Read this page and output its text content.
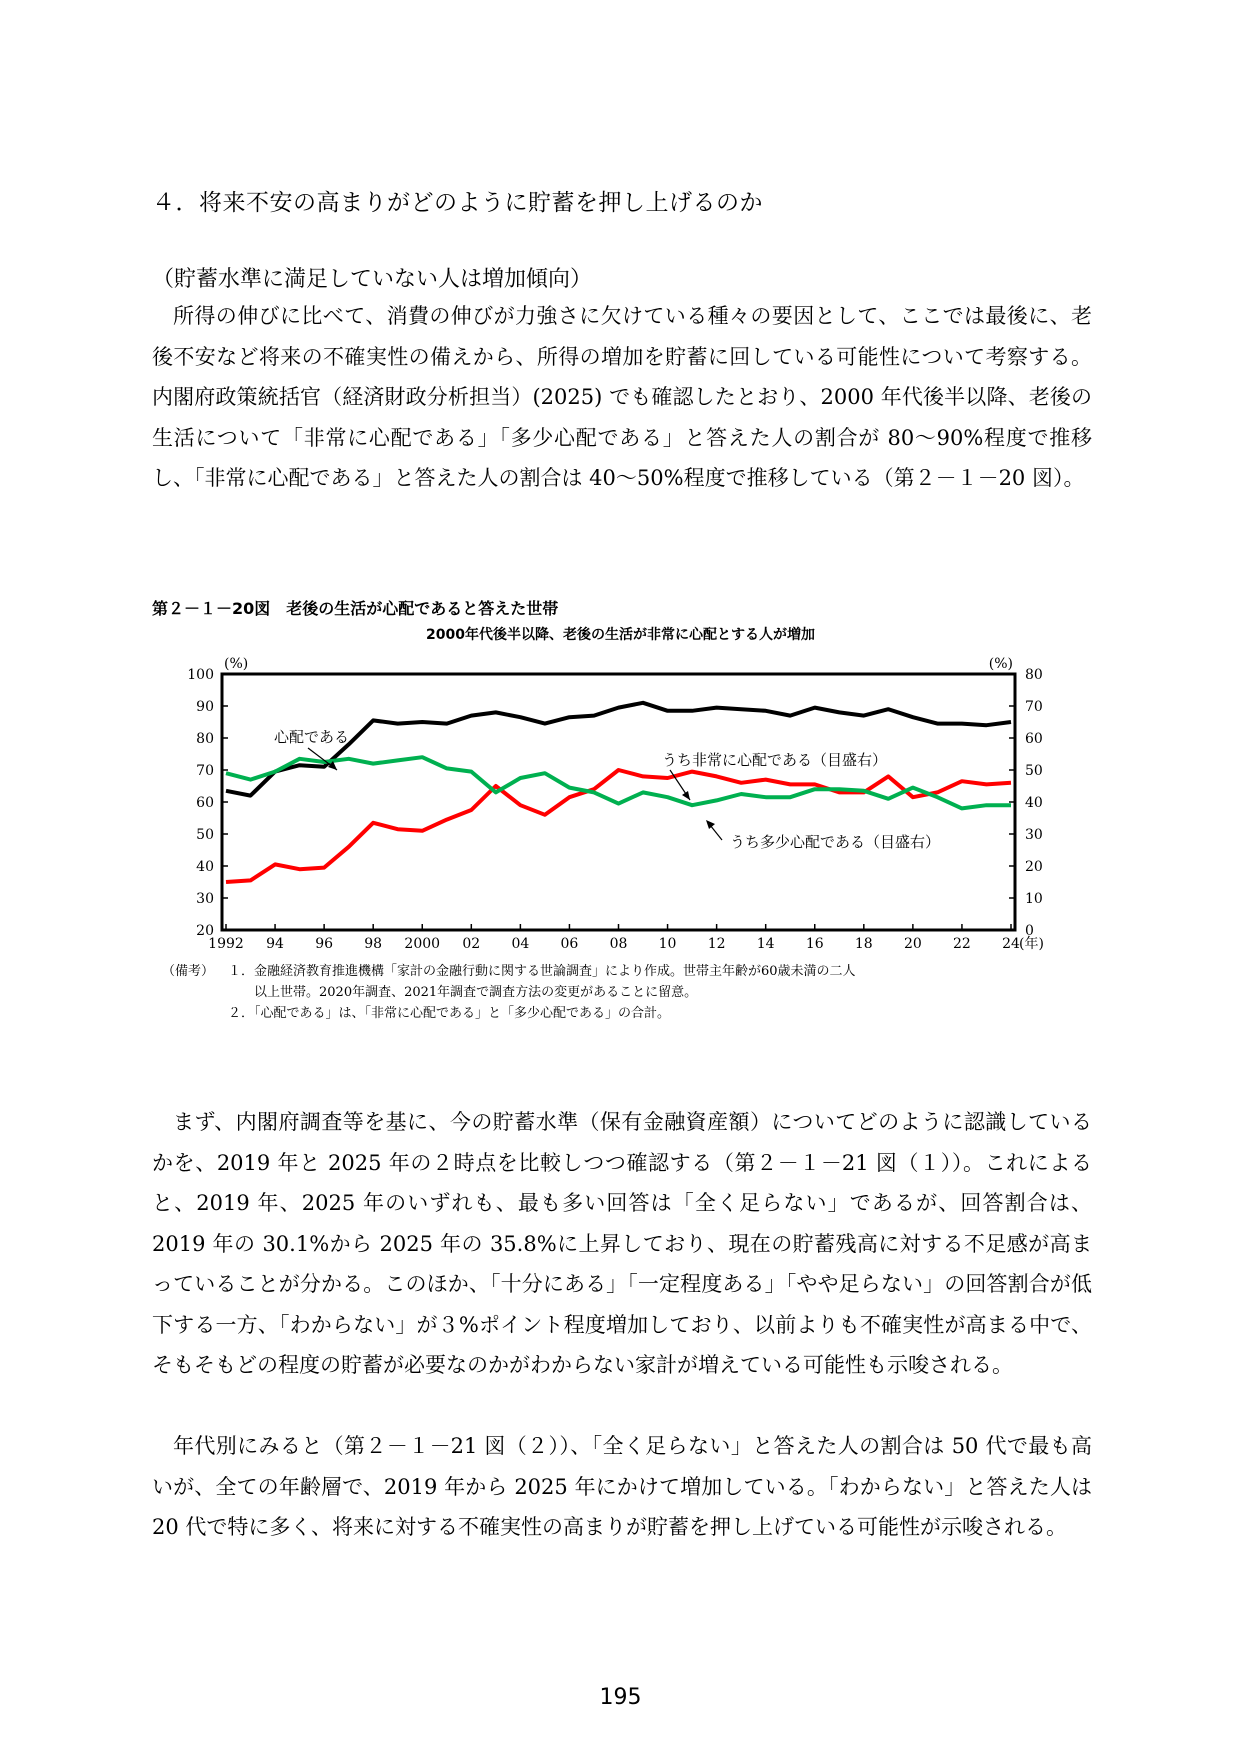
４．将来不安の高まりがどのように貯蓄を押し上げるのか
（貯蓄水準に満足していない人は増加傾向）
所得の伸びに比べて、消費の伸びが力強さに欠けている種々の要因として、ここでは最後に、老後不安など将来の不確実性の備えから、所得の増加を貯蓄に回している可能性について考察する。内閣府政策統括官（経済財政分析担当）(2025) でも確認したとおり、2000 年代後半以降、老後の生活について「非常に心配である」「多少心配である」と答えた人の割合が 80～90%程度で推移し、「非常に心配である」と答えた人の割合は 40～50%程度で推移している（第２－１－20 図）。
第２－１－20図　老後の生活が心配であると答えた世帯
2000年代後半以降、老後の生活が非常に心配とする人が増加
100
90
80
70
60
50
40
30
20
80
70
60
50
40
30
20
10
0
(%)	(%)
1992 94 96 98 2000 02 04 06 08 10 12 14 16 18 20 22 24 (年)
心配である
うち非常に心配である（目盛右）
うち多少心配である（目盛右）
（備考）	１．金融経済教育推進機構「家計の金融行動に関する世論調査」により作成。世帯主年齢が60歳未満の二人
以上世帯。2020年調査、2021年調査で調査方法の変更があることに留意。
２．「心配である」は、「非常に心配である」と「多少心配である」の合計。
まず、内閣府調査等を基に、今の貯蓄水準（保有金融資産額）についてどのように認識しているかを、2019 年と 2025 年の２時点を比較しつつ確認する（第２－１－21 図（１））。これによると、2019 年、2025 年のいずれも、最も多い回答は「全く足らない」であるが、回答割合は、2019 年の 30.1%から 2025 年の 35.8%に上昇しており、現在の貯蓄残高に対する不足感が高まっていることが分かる。このほか、「十分にある」「一定程度ある」「やや足らない」の回答割合が低下する一方、「わからない」が３%ポイント程度増加しており、以前よりも不確実性が高まる中で、そもそもどの程度の貯蓄が必要なのかがわからない家計が増えている可能性も示唆される。
年代別にみると（第２－１－21 図（２））、「全く足らない」と答えた人の割合は 50 代で最も高いが、全ての年齢層で、2019 年から 2025 年にかけて増加している。「わからない」と答えた人は 20 代で特に多く、将来に対する不確実性の高まりが貯蓄を押し上げている可能性が示唆される。
195
